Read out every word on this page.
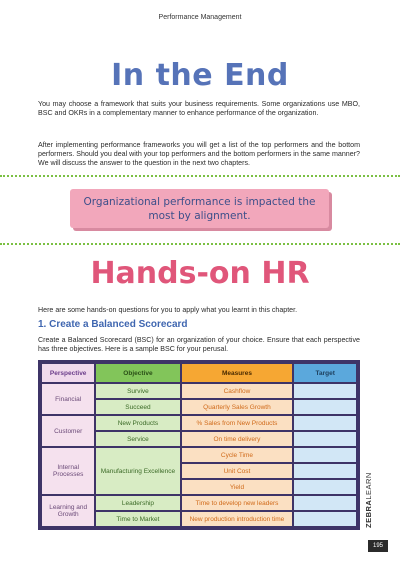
Performance Management
In the End

You may choose a framework that suits your business requirements. Some organizations use MBO, BSC and OKRs in a complementary manner to enhance performance of the organization.

After implementing performance frameworks you will get a list of the top performers and the bottom performers. Should you deal with your top performers and the bottom performers in the same manner? We will discuss the answer to the question in the next two chapters.

Organizational performance is impacted the most by alignment.
Hands-on HR

Here are some hands-on questions for you to apply what you learnt in this chapter.

1. Create a Balanced Scorecard

Create a Balanced Scorecard (BSC) for an organization of your choice. Ensure that each perspective has three objectives. Here is a sample BSC for your perusal.

Perspective	Objective	Measures	Target
Financial	Survive	Cashflow	
	Succeed	Quarterly Sales Growth	
Customer	New Products	% Sales from New Products	
	Service	On time delivery	
Internal Processes	Manufacturing Excellence	Cycle Time	
		Unit Cost	
		Yield	
Learning and Growth	Leadership	Time to develop new leaders	
	Time to Market	New production introduction time		ZEBRALEARN
195
